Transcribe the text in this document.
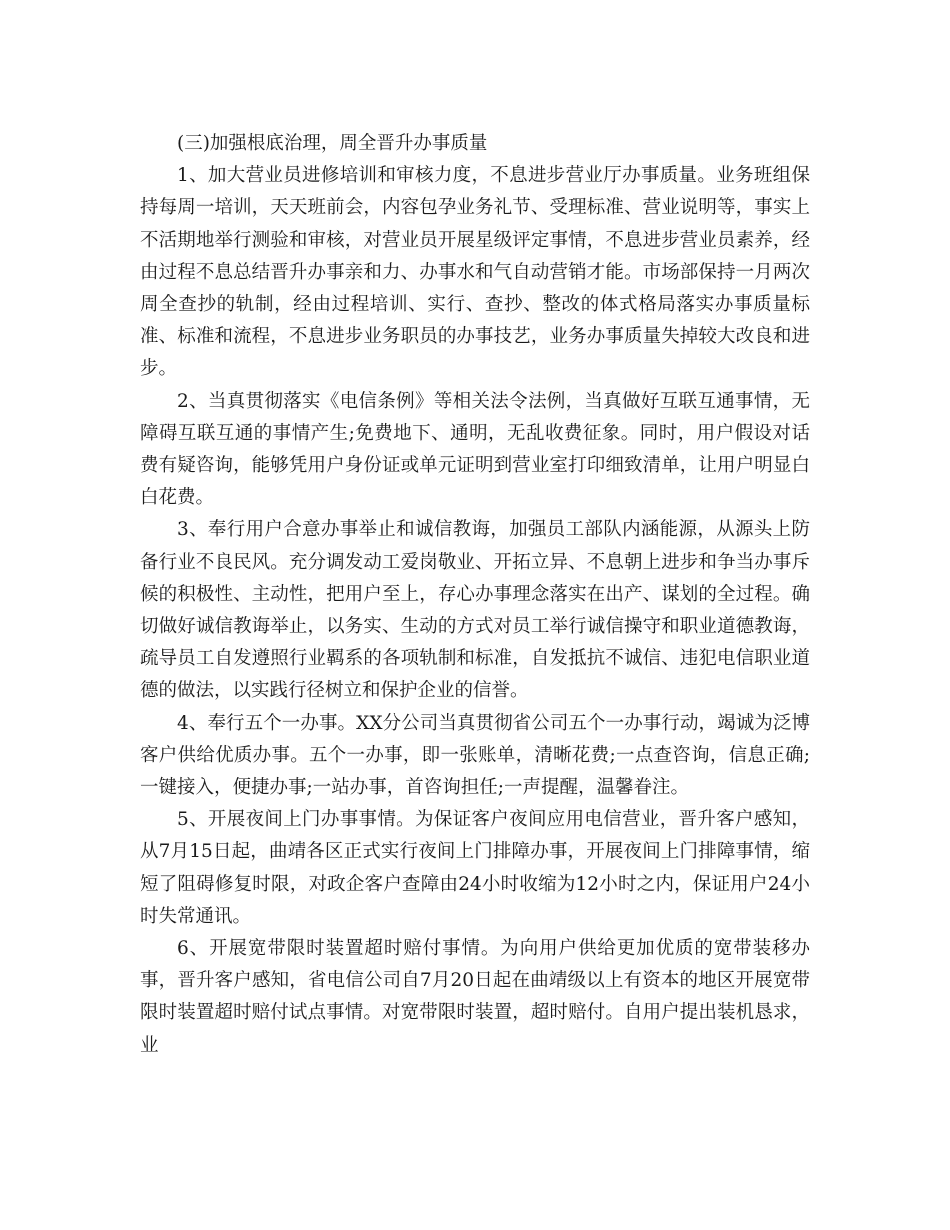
(三)加强根底治理，周全晋升办事质量

1、加大营业员进修培训和审核力度，不息进步营业厅办事质量。业务班组保持每周一培训，天天班前会，内容包孕业务礼节、受理标准、营业说明等，事实上不活期地举行测验和审核，对营业员开展星级评定事情，不息进步营业员素养，经由过程不息总结晋升办事亲和力、办事水和气自动营销才能。市场部保持一月两次周全查抄的轨制，经由过程培训、实行、查抄、整改的体式格局落实办事质量标准、标准和流程，不息进步业务职员的办事技艺，业务办事质量失掉较大改良和进步。

2、当真贯彻落实《电信条例》等相关法令法例，当真做好互联互通事情，无障碍互联互通的事情产生;免费地下、通明，无乱收费征象。同时，用户假设对话费有疑咨询，能够凭用户身份证或单元证明到营业室打印细致清单，让用户明显白白花费。

3、奉行用户合意办事举止和诚信教诲，加强员工部队内涵能源，从源头上防备行业不良民风。充分调发动工爱岗敬业、开拓立异、不息朝上进步和争当办事斥候的积极性、主动性，把用户至上，存心办事理念落实在出产、谋划的全过程。确切做好诚信教诲举止，以务实、生动的方式对员工举行诚信操守和职业道德教诲，疏导员工自发遵照行业羁系的各项轨制和标准，自发抵抗不诚信、违犯电信职业道德的做法，以实践行径树立和保护企业的信誉。

4、奉行五个一办事。XX分公司当真贯彻省公司五个一办事行动，竭诚为泛博客户供给优质办事。五个一办事，即一张账单，清晰花费;一点查咨询，信息正确;一键接入，便捷办事;一站办事，首咨询担任;一声提醒，温馨眷注。

5、开展夜间上门办事事情。为保证客户夜间应用电信营业，晋升客户感知，从7月15日起，曲靖各区正式实行夜间上门排障办事，开展夜间上门排障事情，缩短了阻碍修复时限，对政企客户查障由24小时收缩为12小时之内，保证用户24小时失常通讯。

6、开展宽带限时装置超时赔付事情。为向用户供给更加优质的宽带装移办事，晋升客户感知，省电信公司自7月20日起在曲靖级以上有资本的地区开展宽带限时装置超时赔付试点事情。对宽带限时装置，超时赔付。自用户提出装机恳求，业
